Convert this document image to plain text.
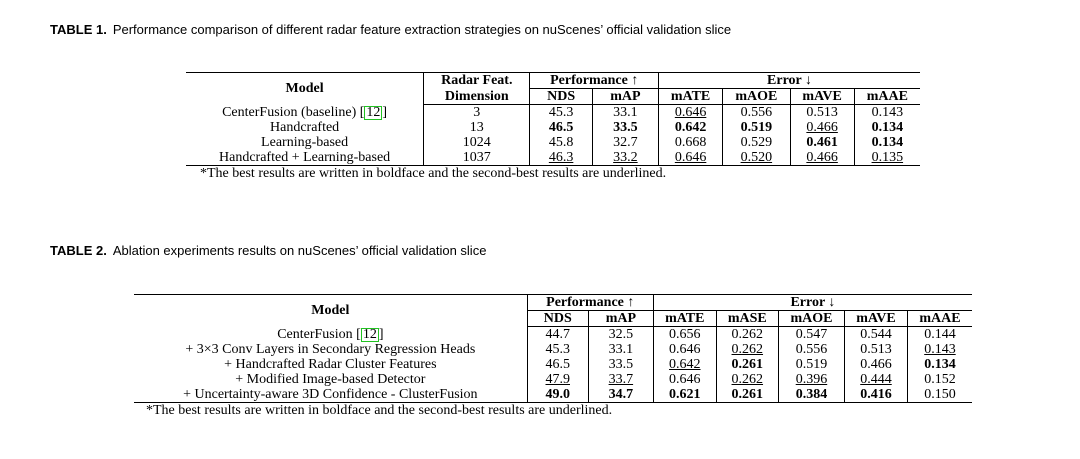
TABLE 1. Performance comparison of different radar feature extraction strategies on nuScenes’ official validation slice
Model	Radar Feat.	Performance ↑		Error ↓			
	Dimension	NDS	mAP	mATE	mAOE	mAVE	mAAE
CenterFusion (baseline) [ 12 ]	3	45.3	33.1	0.646	0.556	0.513	0.143
Handcrafted	13	46.5	33.5	0.642	0.519	0.466	0.134
Learning-based	1024	45.8	32.7	0.668	0.529	0.461	0.134
Handcrafted + Learning-based	1037	46.3	33.2	0.646	0.520	0.466	0.135
*The best results are written in boldface and the second-best results are underlined.
TABLE 2. Ablation experiments results on nuScenes’ official validation slice
Model	Performance ↑		Error ↓				
	NDS	mAP	mATE	mASE	mAOE	mAVE	mAAE
CenterFusion [ 12 ]	44.7	32.5	0.656	0.262	0.547	0.544	0.144
+ 3×3 Conv Layers in Secondary Regression Heads	45.3	33.1	0.646	0.262	0.556	0.513	0.143
+ Handcrafted Radar Cluster Features	46.5	33.5	0.642	0.261	0.519	0.466	0.134
+ Modified Image-based Detector	47.9	33.7	0.646	0.262	0.396	0.444	0.152
+ Uncertainty-aware 3D Confidence - ClusterFusion	49.0	34.7	0.621	0.261	0.384	0.416	0.150
*The best results are written in boldface and the second-best results are underlined.
